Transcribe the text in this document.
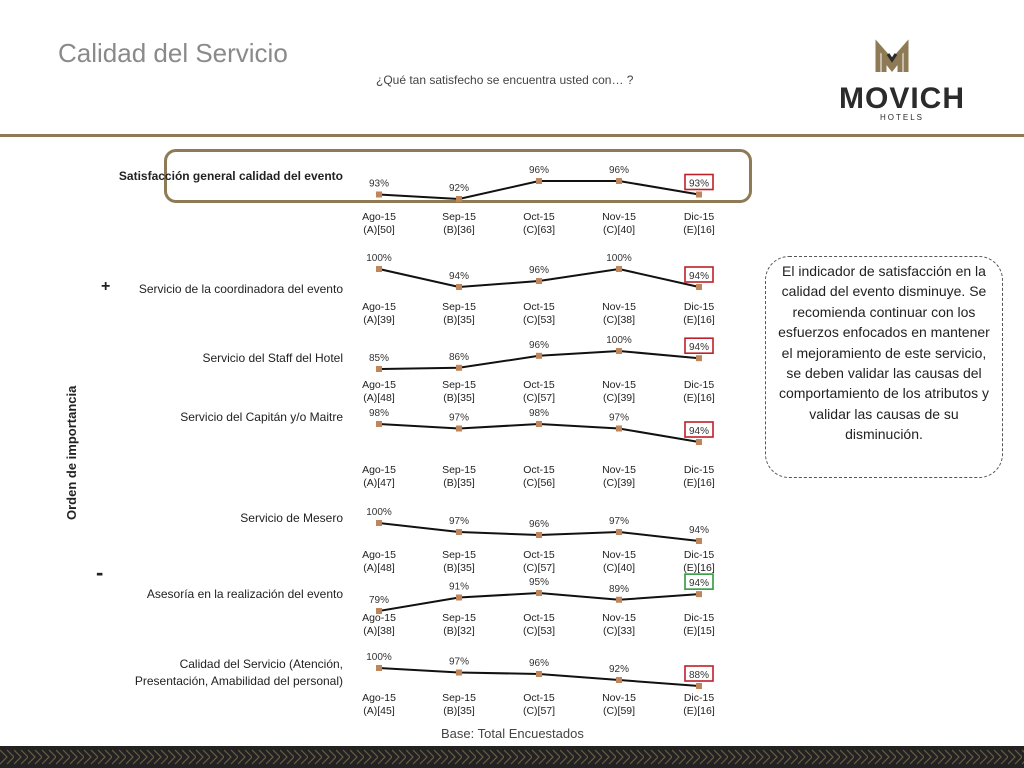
Calidad del Servicio
¿Qué tan satisfecho se encuentra usted con… ?
MOVICH
HOTELS
Satisfacción general calidad del evento
Servicio de la coordinadora del evento
Servicio del Staff del Hotel
Servicio del Capitán y/o Maitre
Servicio de Mesero
Asesoría en la realización del evento
Calidad del Servicio (Atención,
Presentación, Amabilidad del personal)
Orden de importancia
+
-
93%
Ago-15
(A)[50]
92%
Sep-15
(B)[36]
96%
Oct-15
(C)[63]
96%
Nov-15
(C)[40]
93%
Dic-15
(E)[16]
100%
Ago-15
(A)[39]
94%
Sep-15
(B)[35]
96%
Oct-15
(C)[53]
100%
Nov-15
(C)[38]
94%
Dic-15
(E)[16]
85%
Ago-15
(A)[48]
86%
Sep-15
(B)[35]
96%
Oct-15
(C)[57]
100%
Nov-15
(C)[39]
94%
Dic-15
(E)[16]
98%
Ago-15
(A)[47]
97%
Sep-15
(B)[35]
98%
Oct-15
(C)[56]
97%
Nov-15
(C)[39]
94%
Dic-15
(E)[16]
100%
Ago-15
(A)[48]
97%
Sep-15
(B)[35]
96%
Oct-15
(C)[57]
97%
Nov-15
(C)[40]
94%
Dic-15
(E)[16]
79%
Ago-15
(A)[38]
91%
Sep-15
(B)[32]
95%
Oct-15
(C)[53]
89%
Nov-15
(C)[33]
94%
Dic-15
(E)[15]
100%
Ago-15
(A)[45]
97%
Sep-15
(B)[35]
96%
Oct-15
(C)[57]
92%
Nov-15
(C)[59]
88%
Dic-15
(E)[16]
El indicador de satisfacción en la calidad del evento disminuye. Se recomienda continuar con los esfuerzos enfocados en mantener el mejoramiento de este servicio, se deben validar las causas del comportamiento de los atributos y validar las causas de su disminución.
Base: Total Encuestados
